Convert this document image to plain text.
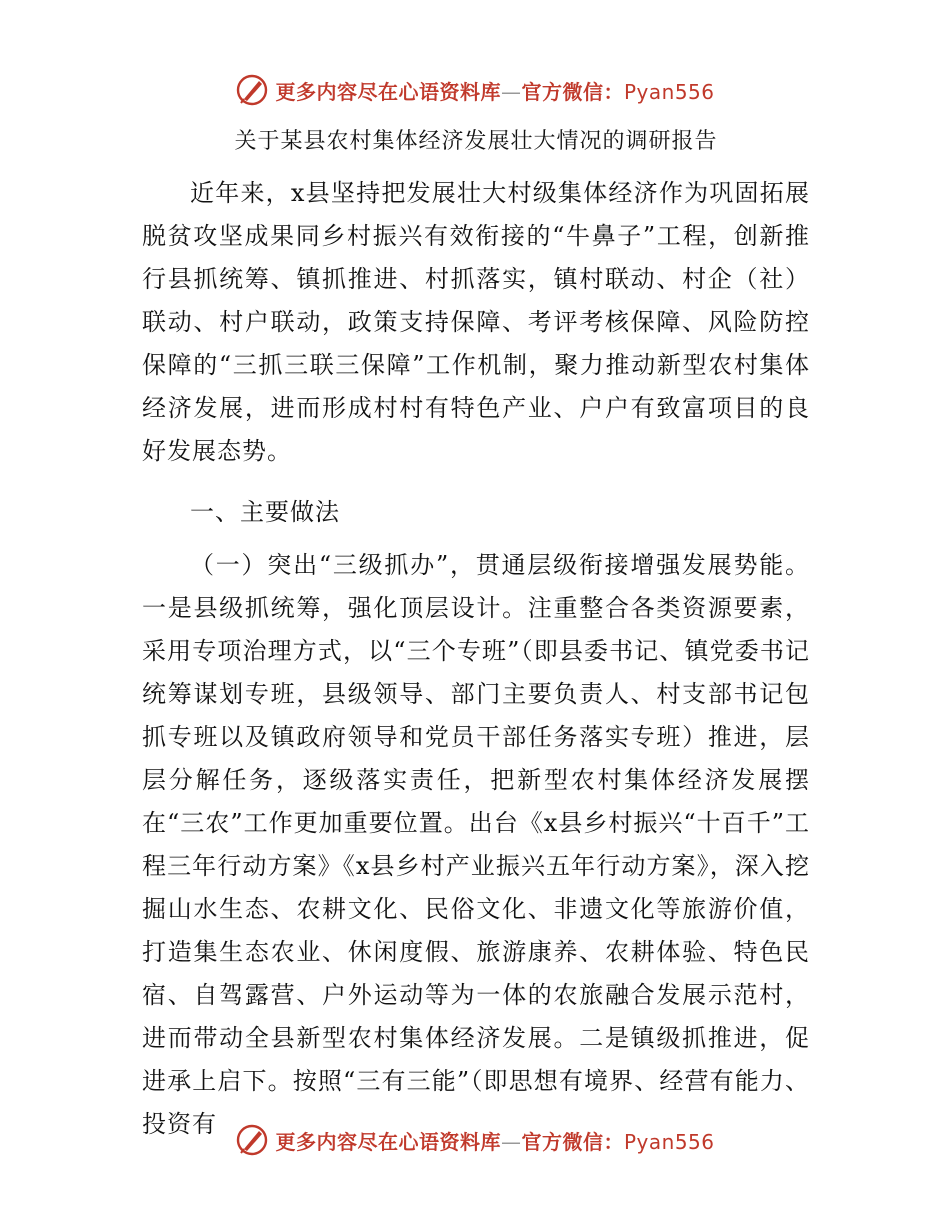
更多内容尽在心语资料库—官方微信：Pyan556
关于某县农村集体经济发展壮大情况的调研报告

近年来，x县坚持把发展壮大村级集体经济作为巩固拓展脱贫攻坚成果同乡村振兴有效衔接的“牛鼻子”工程，创新推行县抓统筹、镇抓推进、村抓落实，镇村联动、村企（社）联动、村户联动，政策支持保障、考评考核保障、风险防控保障的“三抓三联三保障”工作机制，聚力推动新型农村集体经济发展，进而形成村村有特色产业、户户有致富项目的良好发展态势。

一、主要做法

（一）突出“三级抓办”，贯通层级衔接增强发展势能。一是县级抓统筹，强化顶层设计。注重整合各类资源要素，采用专项治理方式，以“三个专班”（即县委书记、镇党委书记统筹谋划专班，县级领导、部门主要负责人、村支部书记包抓专班以及镇政府领导和党员干部任务落实专班）推进，层层分解任务，逐级落实责任，把新型农村集体经济发展摆在“三农”工作更加重要位置。出台《x县乡村振兴“十百千”工程三年行动方案》《x县乡村产业振兴五年行动方案》，深入挖掘山水生态、农耕文化、民俗文化、非遗文化等旅游价值，打造集生态农业、休闲度假、旅游康养、农耕体验、特色民宿、自驾露营、户外运动等为一体的农旅融合发展示范村，进而带动全县新型农村集体经济发展。二是镇级抓推进，促进承上启下。按照“三有三能”（即思想有境界、经营有能力、投资有

更多内容尽在心语资料库—官方微信：Pyan556
